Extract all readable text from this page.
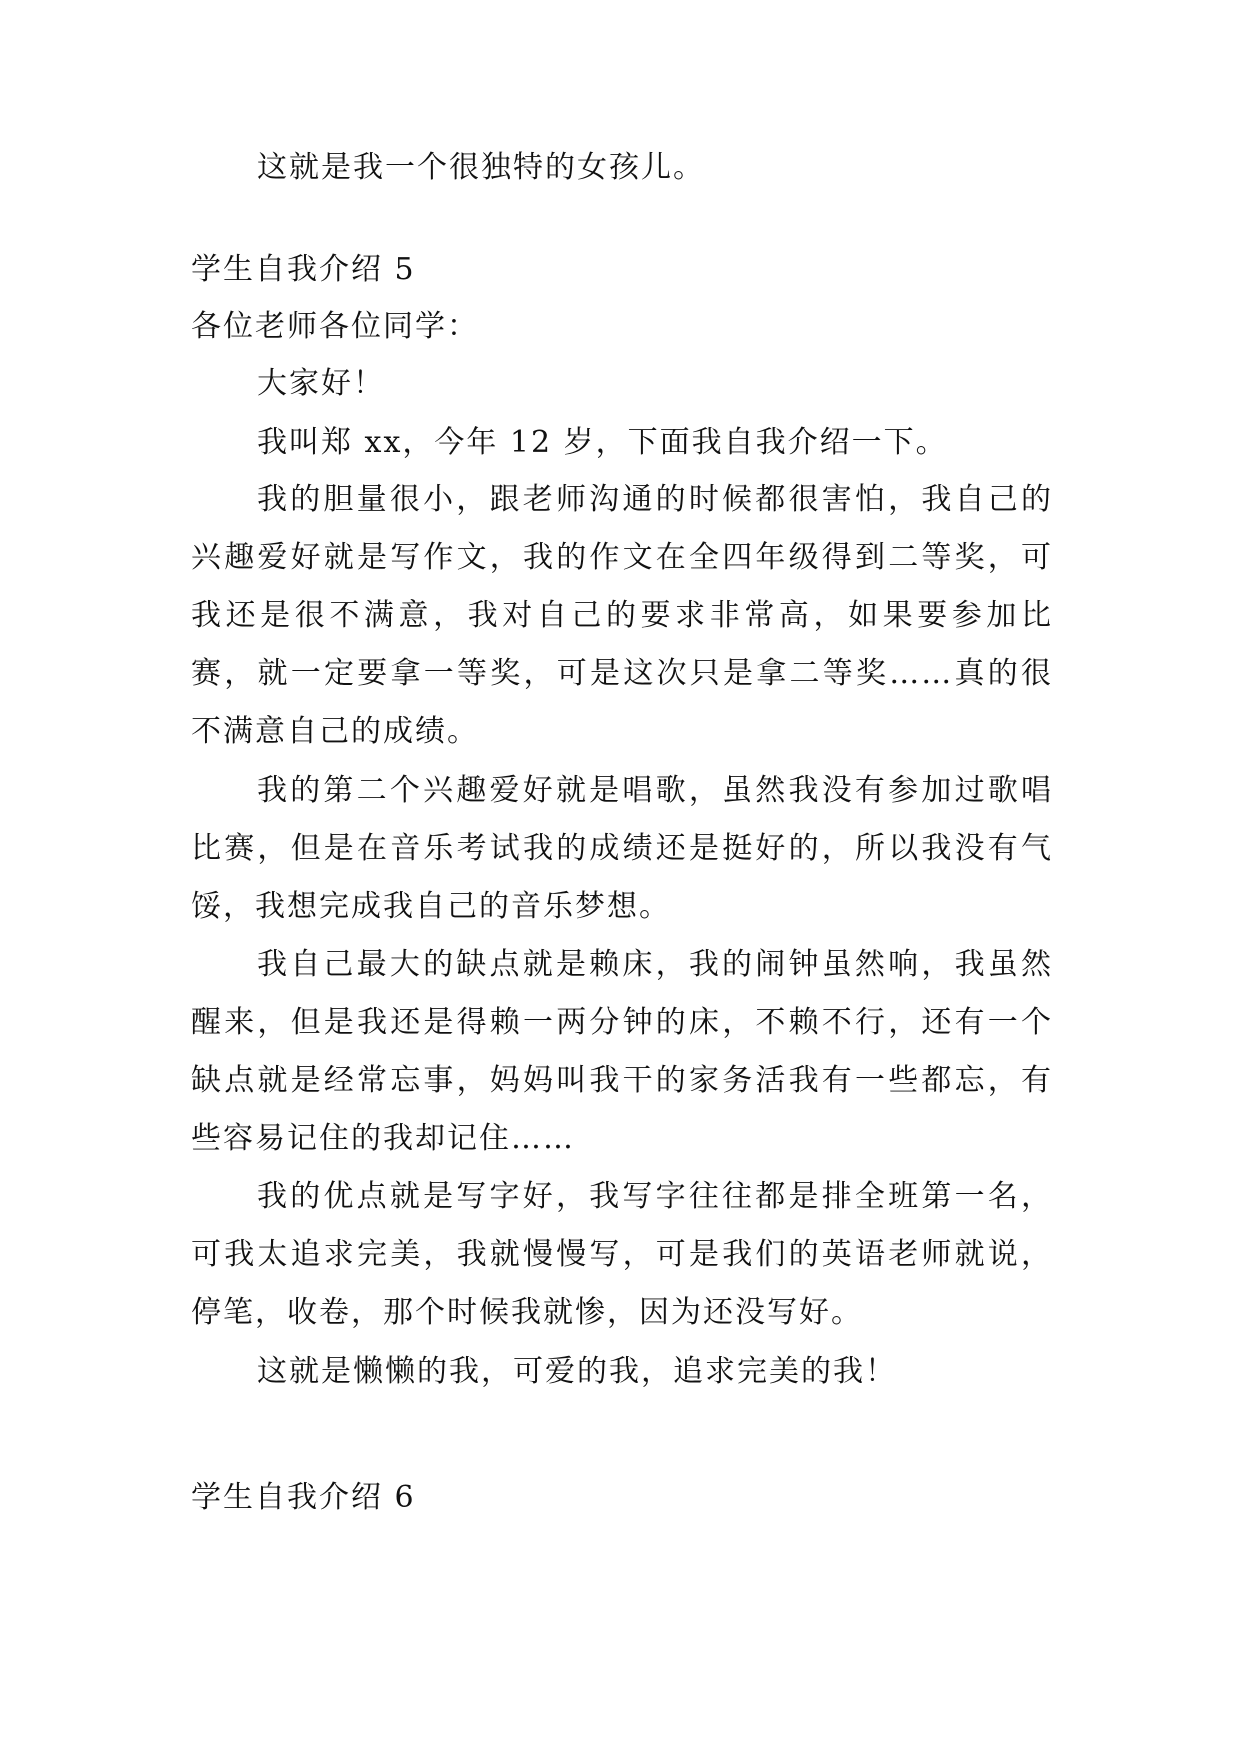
这就是我一个很独特的女孩儿。
学生自我介绍 5
各位老师各位同学：
大家好！
我叫郑 xx，今年 12 岁，下面我自我介绍一下。
我的胆量很小，跟老师沟通的时候都很害怕，我自己的兴趣爱好就是写作文，我的作文在全四年级得到二等奖，可我还是很不满意，我对自己的要求非常高，如果要参加比赛，就一定要拿一等奖，可是这次只是拿二等奖……真的很不满意自己的成绩。
我的第二个兴趣爱好就是唱歌，虽然我没有参加过歌唱比赛，但是在音乐考试我的成绩还是挺好的，所以我没有气馁，我想完成我自己的音乐梦想。
我自己最大的缺点就是赖床，我的闹钟虽然响，我虽然醒来，但是我还是得赖一两分钟的床，不赖不行，还有一个缺点就是经常忘事，妈妈叫我干的家务活我有一些都忘，有些容易记住的我却记住……
我的优点就是写字好，我写字往往都是排全班第一名，可我太追求完美，我就慢慢写，可是我们的英语老师就说，停笔，收卷，那个时候我就惨，因为还没写好。
这就是懒懒的我，可爱的我，追求完美的我！
学生自我介绍 6
